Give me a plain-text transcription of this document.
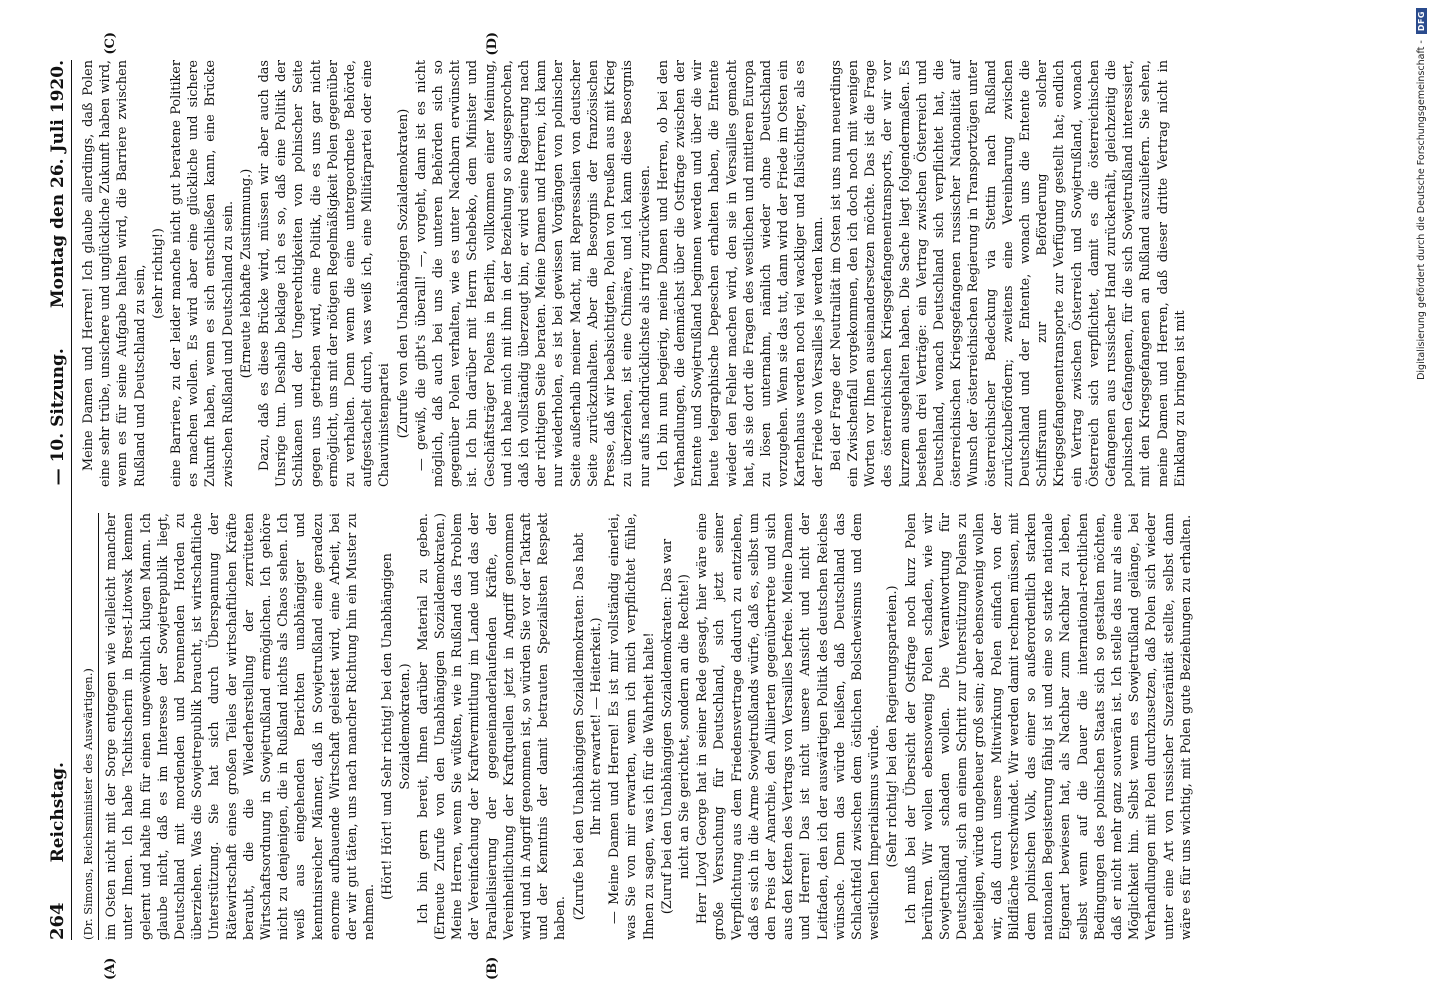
264
Reichstag.
— 10. Sitzung.
Montag den 26. Juli 1920.
(A)	(B)
(Dr. Simons, Reichsminister des Auswärtigen.) im Osten nicht mit der Sorge entgegen wie vielleicht mancher unter Ihnen. Ich habe Tschitscherin in Brest-Litowsk kennen gelernt und halte ihn für einen ungewöhnlich klugen Mann. Ich glaube nicht, daß es im Interesse der Sowjetrepublik liegt, Deutschland mit mordenden und brennenden Horden zu überziehen. Was die Sowjetrepublik braucht, ist wirtschaftliche Unterstützung. Sie hat sich durch Überspannung der Rätewirtschaft eines großen Teiles der wirtschaftlichen Kräfte beraubt, die die Wiederherstellung der zerrütteten Wirtschaftsordnung in Sowjetrußland ermöglichen. Ich gehöre nicht zu denjenigen, die in Rußland nichts als Chaos sehen. Ich weiß aus eingehenden Berichten unabhängiger und kenntnisreicher Männer, daß in Sowjetrußland eine geradezu enorme aufbauende Wirtschaft geleistet wird, eine Arbeit, bei der wir gut täten, uns nach mancher Richtung hin ein Muster zu nehmen.

(Hört! Hört! und Sehr richtig! bei den Unabhängigen Sozialdemokraten.) Ich bin gern bereit, Ihnen darüber Material zu geben. (Erneute Zurufe von den Unabhängigen Sozialdemokraten.) Meine Herren, wenn Sie wüßten, wie in Rußland das Problem der Vereinfachung der Kraftvermittlung im Lande und das der Parallelisierung der gegeneinanderlaufenden Kräfte, der Vereinheitlichung der Kraftquellen jetzt in Angriff genommen wird und in Angriff genommen ist, so würden Sie vor der Tatkraft und der Kenntnis der damit betrauten Spezialisten Respekt haben. (Zurufe bei den Unabhängigen Sozialdemokraten: Das habt Ihr nicht erwartet! — Heiterkeit.) — Meine Damen und Herren! Es ist mir vollständig einerlei, was Sie von mir erwarten, wenn ich mich verpflichtet fühle, Ihnen zu sagen, was ich für die Wahrheit halte! (Zuruf bei den Unabhängigen Sozialdemokraten: Das war nicht an Sie gerichtet, sondern an die Rechte!) Herr Lloyd George hat in seiner Rede gesagt, hier wäre eine große Versuchung für Deutschland, sich jetzt seiner Verpflichtung aus dem Friedensvertrage dadurch zu entziehen, daß es sich in die Arme Sowjetrußlands würfe, daß es, selbst um den Preis der Anarchie, den Alliierten gegenübertrete und sich aus den Ketten des Vertrags von Versailles befreie. Meine Damen und Herren! Das ist nicht unsere Ansicht und nicht der Leitfaden, den ich der auswärtigen Politik des deutschen Reiches wünsche. Denn das würde heißen, daß Deutschland das Schlachtfeld zwischen dem östlichen Bolschewismus und dem westlichen Imperialismus würde. (Sehr richtig! bei den Regierungsparteien.) Ich muß bei der Übersicht der Ostfrage noch kurz Polen berühren. Wir wollen ebensowenig Polen schaden, wie wir Sowjetrußland schaden wollen. Die Verantwortung für Deutschland, sich an einem Schritt zur Unterstützung Polens zu beteiligen, würde ungeheuer groß sein; aber ebensowenig wollen wir, daß durch unsere Mitwirkung Polen einfach von der Bildfläche verschwindet. Wir werden damit rechnen müssen, mit dem polnischen Volk, das einer so außerordentlich starken nationalen Begeisterung fähig ist und eine so starke nationale Eigenart bewiesen hat, als Nachbar zum Nachbar zu leben, selbst wenn auf die Dauer die international-rechtlichen Bedingungen des polnischen Staats sich so gestalten möchten, daß er nicht mehr ganz souverän ist. Ich stelle das nur als eine Möglichkeit hin. Selbst wenn es Sowjetrußland gelänge, bei Verhandlungen mit Polen durchzusetzen, daß Polen sich wieder unter eine Art von russischer Suzeränität stellte, selbst dann wäre es für uns wichtig, mit Polen gute Beziehungen zu erhalten.

(C)	(D)

Meine Damen und Herren! Ich glaube allerdings, daß Polen eine sehr trübe, unsichere und unglückliche Zukunft haben wird, wenn es für seine Aufgabe halten wird, die Barriere zwischen Rußland und Deutschland zu sein, (sehr richtig!) eine Barriere, zu der leider manche nicht gut beratene Politiker es machen wollen. Es wird aber eine glückliche und sichere Zukunft haben, wenn es sich entschließen kann, eine Brücke zwischen Rußland und Deutschland zu sein. (Erneute lebhafte Zustimmung.) Dazu, daß es diese Brücke wird, müssen wir aber auch das Unsrige tun. Deshalb beklage ich es so, daß eine Politik der Schikanen und der Ungerechtigkeiten von polnischer Seite gegen uns getrieben wird, eine Politik, die es uns gar nicht ermöglicht, uns mit der nötigen Regelmäßigkeit Polen gegenüber zu verhalten. Denn wenn die eine untergeordnete Behörde, aufgestachelt durch, was weiß ich, eine Militärpartei oder eine Chauvinistenpartei (Zurufe von den Unabhängigen Sozialdemokraten) — gewiß, die gibt's überall! —, vorgeht, dann ist es nicht möglich, daß auch bei uns die unteren Behörden sich so gegenüber Polen verhalten, wie es unter Nachbarn erwünscht ist. Ich bin darüber mit Herrn Schebeko, dem Minister und Geschäftsträger Polens in Berlin, vollkommen einer Meinung, und ich habe mich mit ihm in der Beziehung so ausgesprochen, daß ich vollständig überzeugt bin, er wird seine Regierung nach der richtigen Seite beraten. Meine Damen und Herren, ich kann nur wiederholen, es ist bei gewissen Vorgängen von polnischer Seite außerhalb meiner Macht, mit Repressalien von deutscher Seite zurückzuhalten. Aber die Besorgnis der französischen Presse, daß wir beabsichtigten, Polen von Preußen aus mit Krieg zu überziehen, ist eine Chimäre, und ich kann diese Besorgnis nur aufs nachdrücklichste als irrig zurückweisen. Ich bin nun begierig, meine Damen und Herren, ob bei den Verhandlungen, die demnächst über die Ostfrage zwischen der Entente und Sowjetrußland beginnen werden und über die wir heute telegraphische Depeschen erhalten haben, die Entente wieder den Fehler machen wird, den sie in Versailles gemacht hat, als sie dort die Fragen des westlichen und mittleren Europa zu lösen unternahm, nämlich wieder ohne Deutschland vorzugehen. Wenn sie das tut, dann wird der Friede im Osten ein Kartenhaus werden noch viel wackliger und fallsüchtiger, als es der Friede von Versailles je werden kann. Bei der Frage der Neutralität im Osten ist uns nun neuerdings ein Zwischenfall vorgekommen, den ich doch noch mit wenigen Worten vor Ihnen auseinandersetzen möchte. Das ist die Frage des österreichischen Kriegsgefangenentransports, der wir vor kurzem ausgehalten haben. Die Sache liegt folgendermaßen. Es bestehen drei Verträge: ein Vertrag zwischen Österreich und Deutschland, wonach Deutschland sich verpflichtet hat, die österreichischen Kriegsgefangenen russischer Nationalität auf Wunsch der österreichischen Regierung in Transportzügen unter österreichischer Bedeckung via Stettin nach Rußland zurückzubefördern; zweitens eine Vereinbarung zwischen Deutschland und der Entente, wonach uns die Entente die Schiffsraum zur Beförderung solcher Kriegsgefangenentransporte zur Verfügung gestellt hat; endlich ein Vertrag zwischen Österreich und Sowjetrußland, wonach Österreich sich verpflichtet, damit es die österreichischen Gefangenen aus russischer Hand zurückerhält, gleichzeitig die polnischen Gefangenen, für die sich Sowjetrußland interessiert, mit den Kriegsgefangenen an Rußland auszuliefern. Sie sehen, meine Damen und Herren, daß dieser dritte Vertrag nicht in Einklang zu bringen ist mit

Digitalisierung gefördert durch die Deutsche Forschungsgemeinschaft -
DFG
